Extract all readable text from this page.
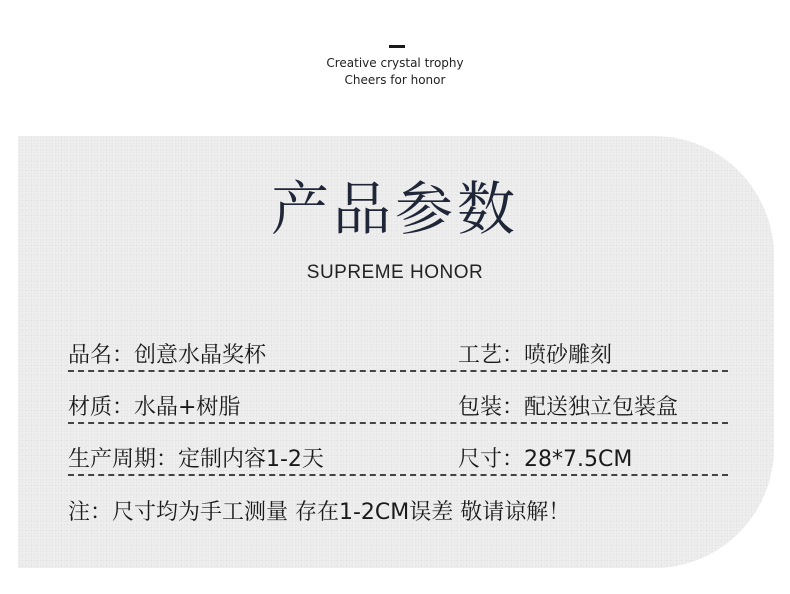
Creative crystal trophy
Cheers for honor
产品参数
SUPREME HONOR
品名：创意水晶奖杯	工艺：喷砂雕刻
材质：水晶+树脂	包装：配送独立包装盒
生产周期：定制内容1-2天	尺寸：28*7.5CM
注：尺寸均为手工测量 存在1-2CM误差 敬请谅解！
